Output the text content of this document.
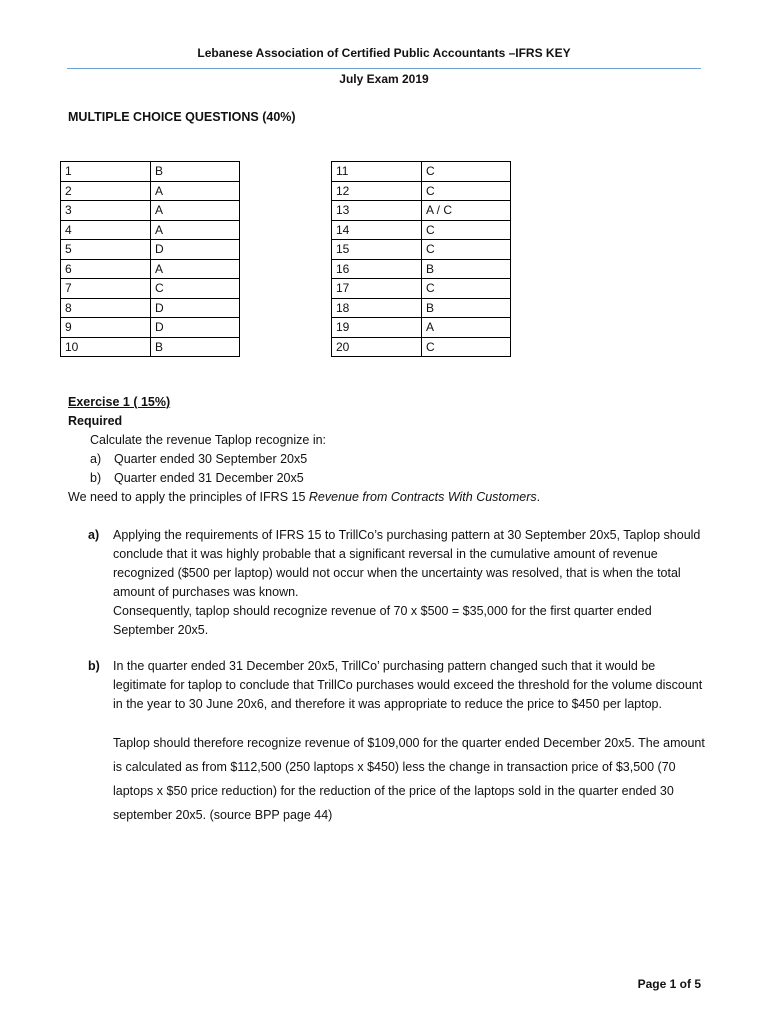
Lebanese Association of Certified Public Accountants –IFRS KEY
July Exam 2019
MULTIPLE CHOICE QUESTIONS (40%)
1	B
2	A
3	A
4	A
5	D
6	A
7	C
8	D
9	D
10	B
11	C
12	C
13	A / C
14	C
15	C
16	B
17	C
18	B
19	A
20	C
Exercise 1 ( 15%)
Required
Calculate the revenue Taplop recognize in:
a)	Quarter ended 30 September 20x5
b)	Quarter ended 31 December 20x5
We need to apply the principles of IFRS 15 Revenue from Contracts With Customers.
a)	Applying the requirements of IFRS 15 to TrillCo’s purchasing pattern at 30 September 20x5, Taplop should conclude that it was highly probable that a significant reversal in the cumulative amount of revenue recognized ($500 per laptop) would not occur when the uncertainty was resolved, that is when the total amount of purchases was known.
Consequently, taplop should recognize revenue of 70 x $500 = $35,000 for the first quarter ended September 20x5.
b)	In the quarter ended 31 December 20x5, TrillCo’ purchasing pattern changed such that it would be legitimate for taplop to conclude that TrillCo purchases would exceed the threshold for the volume discount in the year to 30 June 20x6, and therefore it was appropriate to reduce the price to $450 per laptop.
Taplop should therefore recognize revenue of $109,000 for the quarter ended December 20x5. The amount is calculated as from $112,500 (250 laptops x $450) less the change in transaction price of $3,500 (70 laptops x $50 price reduction) for the reduction of the price of the laptops sold in the quarter ended 30 september 20x5. (source BPP page 44)
Page 1 of 5
